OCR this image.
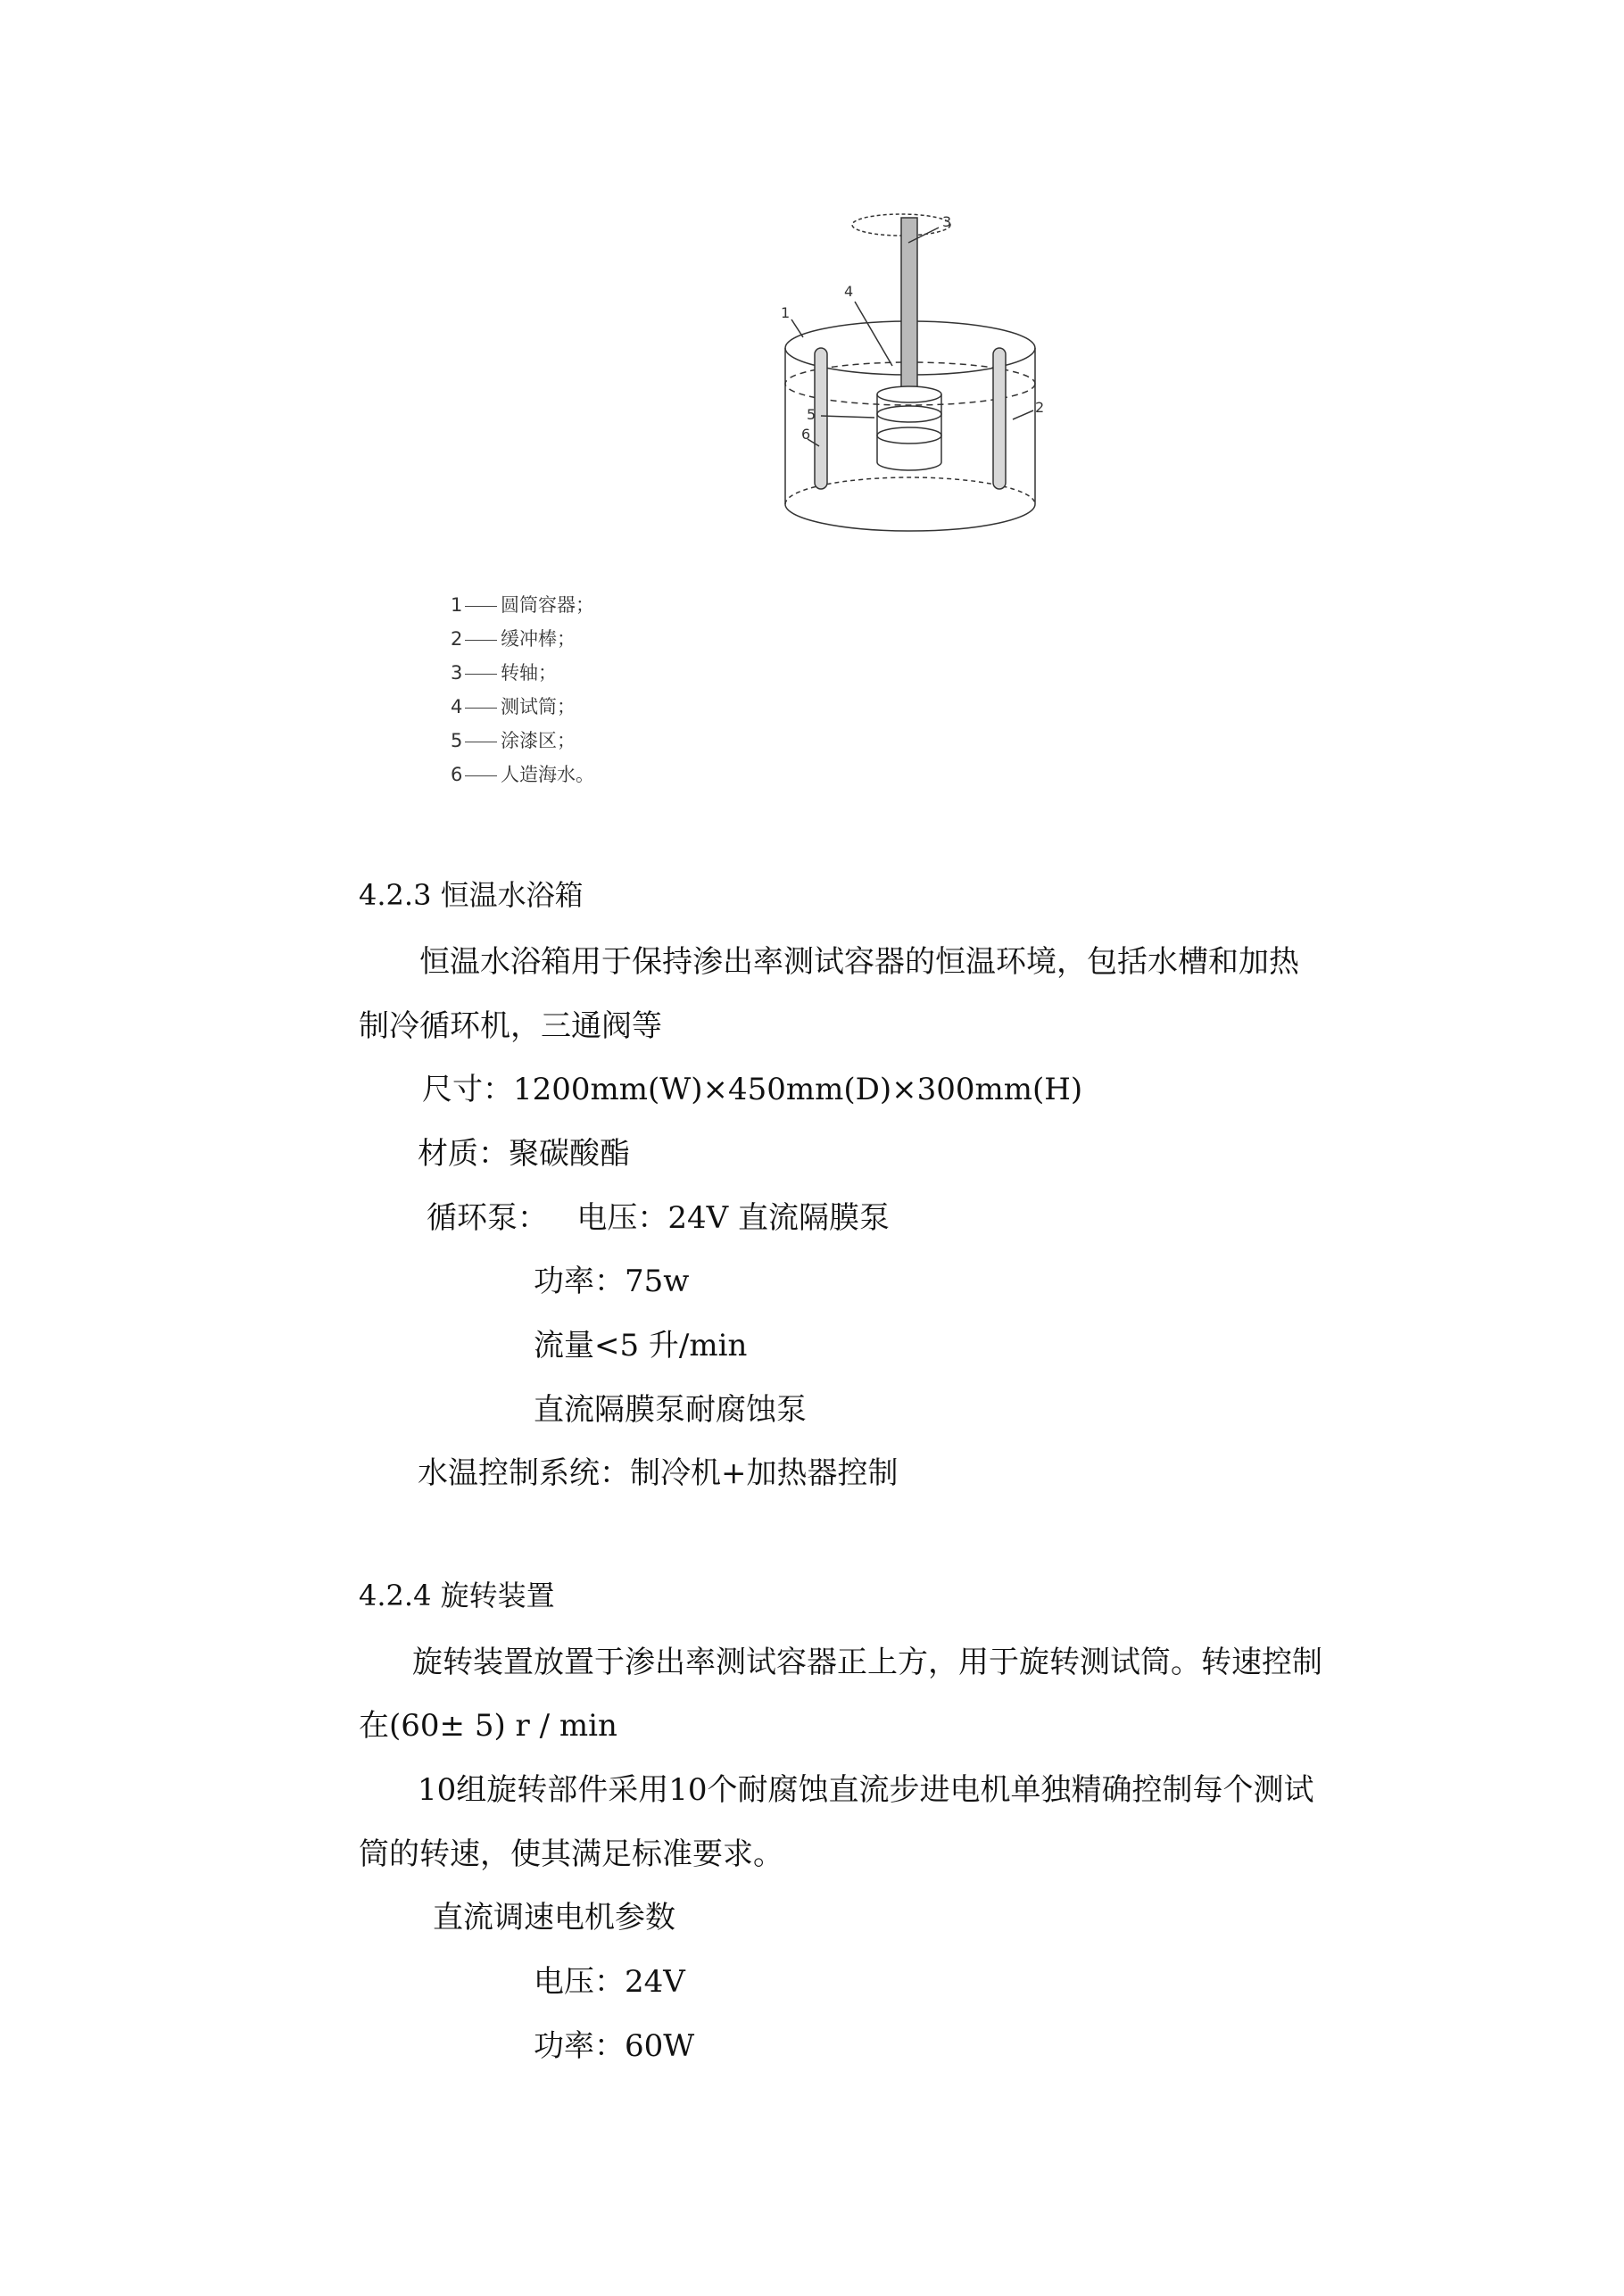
3
4
1
5
6
2
1 圆筒容器；
2 缓冲棒；
3 转轴；
4 测试筒；
5 涂漆区；
6 人造海水。
4.2.3 恒温水浴箱
恒温水浴箱用于保持渗出率测试容器的恒温环境，包括水槽和加热
制冷循环机，三通阀等
尺寸：1200mm(W)×450mm(D)×300mm(H)
材质：聚碳酸酯
循环泵：   电压：24V 直流隔膜泵
功率：75w
流量<5 升/min
直流隔膜泵耐腐蚀泵
水温控制系统：制冷机+加热器控制
4.2.4 旋转装置
旋转装置放置于渗出率测试容器正上方，用于旋转测试筒。转速控制
在(60± 5) r / min
10组旋转部件采用10个耐腐蚀直流步进电机单独精确控制每个测试
筒的转速，使其满足标准要求。
直流调速电机参数
电压：24V
功率：60W
